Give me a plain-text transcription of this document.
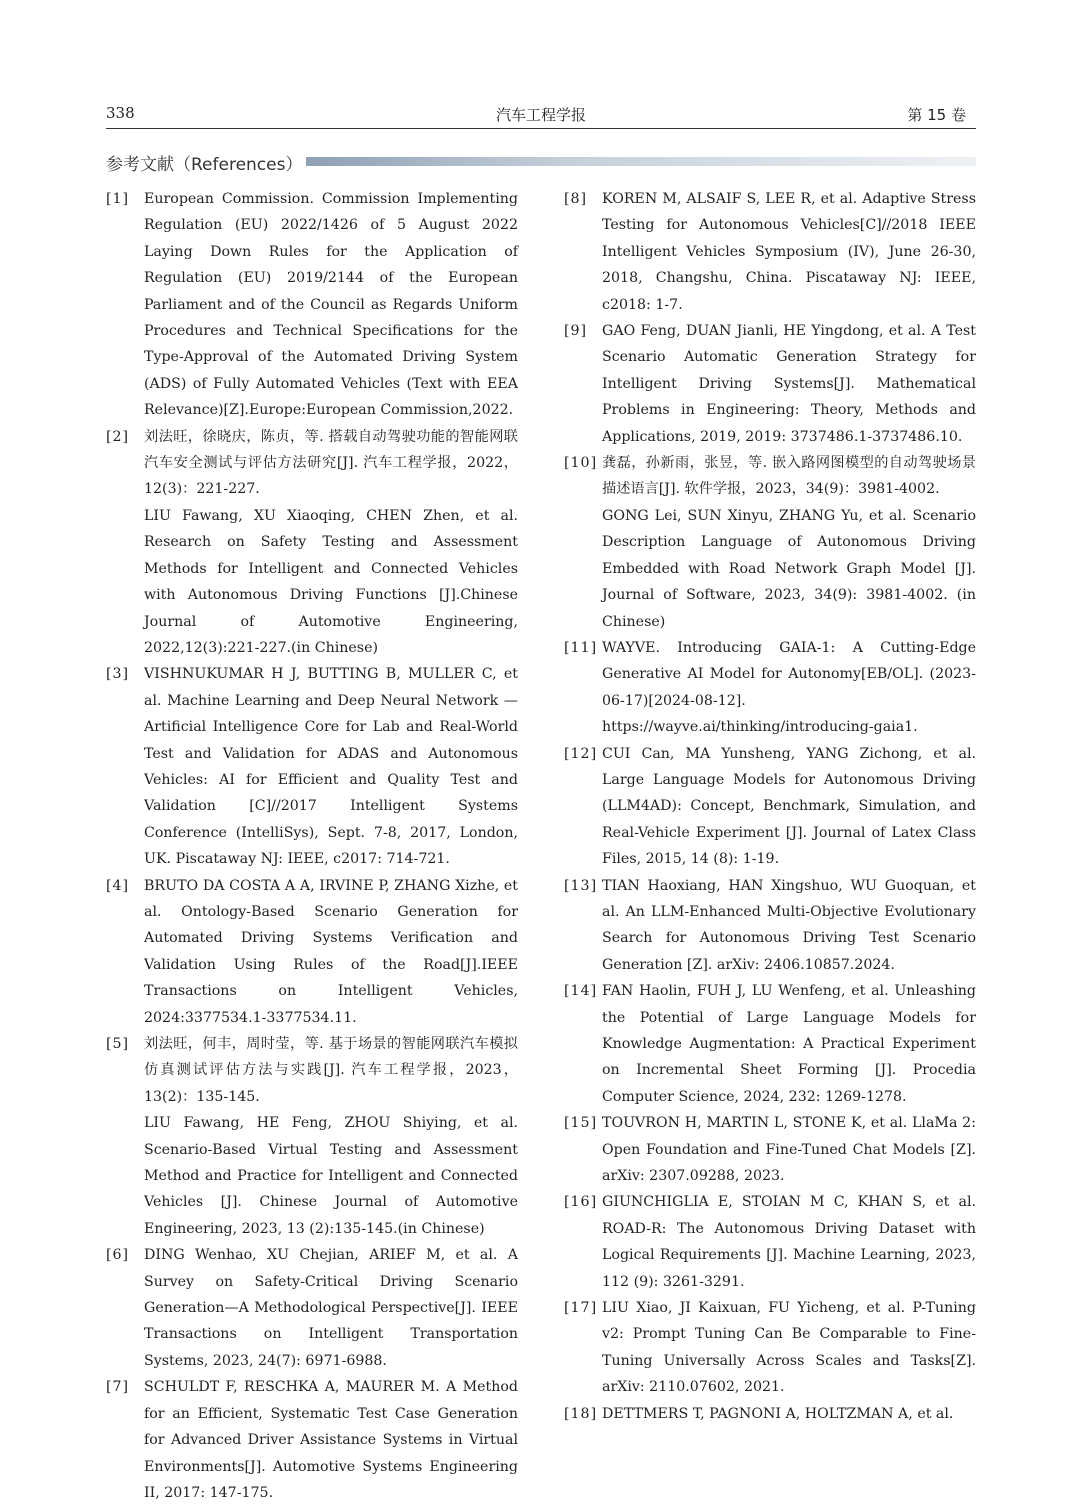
338	汽车工程学报	第 15 卷
参考文献（References）
[1] European Commission. Commission Implementing Regulation (EU) 2022/1426 of 5 August 2022 Laying Down Rules for the Application of Regulation (EU) 2019/2144 of the European Parliament and of the Council as Regards Uniform Procedures and Technical Specifications for the Type-Approval of the Automated Driving System (ADS) of Fully Automated Vehicles (Text with EEA Relevance)[Z].Europe:European Commission,2022.
[2] 刘法旺，徐晓庆，陈贞，等. 搭载自动驾驶功能的智能网联汽车安全测试与评估方法研究[J]. 汽车工程学报，2022，12(3)：221-227.
LIU Fawang, XU Xiaoqing, CHEN Zhen, et al. Research on Safety Testing and Assessment Methods for Intelligent and Connected Vehicles with Autonomous Driving Functions [J].Chinese Journal of Automotive Engineering, 2022,12(3):221-227.(in Chinese)
[3] VISHNUKUMAR H J, BUTTING B, MULLER C, et al. Machine Learning and Deep Neural Network — Artificial Intelligence Core for Lab and Real-World Test and Validation for ADAS and Autonomous Vehicles: AI for Efficient and Quality Test and Validation [C]//2017 Intelligent Systems Conference (IntelliSys), Sept. 7-8, 2017, London, UK. Piscataway NJ: IEEE, c2017: 714-721.
[4] BRUTO DA COSTA A A, IRVINE P, ZHANG Xizhe, et al. Ontology-Based Scenario Generation for Automated Driving Systems Verification and Validation Using Rules of the Road[J].IEEE Transactions on Intelligent Vehicles, 2024:3377534.1-3377534.11.
[5] 刘法旺，何丰，周时莹，等. 基于场景的智能网联汽车模拟仿真测试评估方法与实践[J]. 汽车工程学报，2023，13(2)：135-145.
LIU Fawang, HE Feng, ZHOU Shiying, et al. Scenario-Based Virtual Testing and Assessment Method and Practice for Intelligent and Connected Vehicles [J]. Chinese Journal of Automotive Engineering, 2023, 13 (2):135-145.(in Chinese)
[6] DING Wenhao, XU Chejian, ARIEF M, et al. A Survey on Safety-Critical Driving Scenario Generation—A Methodological Perspective[J]. IEEE Transactions on Intelligent Transportation Systems, 2023, 24(7): 6971-6988.
[7] SCHULDT F, RESCHKA A, MAURER M. A Method for an Efficient, Systematic Test Case Generation for Advanced Driver Assistance Systems in Virtual Environments[J]. Automotive Systems Engineering II, 2017: 147-175.
[8] KOREN M, ALSAIF S, LEE R, et al. Adaptive Stress Testing for Autonomous Vehicles[C]//2018 IEEE Intelligent Vehicles Symposium (IV), June 26-30, 2018, Changshu, China. Piscataway NJ: IEEE, c2018: 1-7.
[9] GAO Feng, DUAN Jianli, HE Yingdong, et al. A Test Scenario Automatic Generation Strategy for Intelligent Driving Systems[J]. Mathematical Problems in Engineering: Theory, Methods and Applications, 2019, 2019: 3737486.1-3737486.10.
[10] 龚磊，孙新雨，张昱，等. 嵌入路网图模型的自动驾驶场景描述语言[J]. 软件学报，2023，34(9)：3981-4002.
GONG Lei, SUN Xinyu, ZHANG Yu, et al. Scenario Description Language of Autonomous Driving Embedded with Road Network Graph Model [J]. Journal of Software, 2023, 34(9): 3981-4002. (in Chinese)
[11] WAYVE. Introducing GAIA-1: A Cutting-Edge Generative AI Model for Autonomy[EB/OL]. (2023-06-17)[2024-08-12]. https://wayve.ai/thinking/introducing-gaia1.
[12] CUI Can, MA Yunsheng, YANG Zichong, et al. Large Language Models for Autonomous Driving (LLM4AD): Concept, Benchmark, Simulation, and Real-Vehicle Experiment [J]. Journal of Latex Class Files, 2015, 14 (8): 1-19.
[13] TIAN Haoxiang, HAN Xingshuo, WU Guoquan, et al. An LLM-Enhanced Multi-Objective Evolutionary Search for Autonomous Driving Test Scenario Generation [Z]. arXiv: 2406.10857.2024.
[14] FAN Haolin, FUH J, LU Wenfeng, et al. Unleashing the Potential of Large Language Models for Knowledge Augmentation: A Practical Experiment on Incremental Sheet Forming [J]. Procedia Computer Science, 2024, 232: 1269-1278.
[15] TOUVRON H, MARTIN L, STONE K, et al. LlaMa 2: Open Foundation and Fine-Tuned Chat Models [Z]. arXiv: 2307.09288, 2023.
[16] GIUNCHIGLIA E, STOIAN M C, KHAN S, et al. ROAD-R: The Autonomous Driving Dataset with Logical Requirements [J]. Machine Learning, 2023, 112 (9): 3261-3291.
[17] LIU Xiao, JI Kaixuan, FU Yicheng, et al. P-Tuning v2: Prompt Tuning Can Be Comparable to Fine-Tuning Universally Across Scales and Tasks[Z]. arXiv: 2110.07602, 2021.
[18] DETTMERS T, PAGNONI A, HOLTZMAN A, et al.
